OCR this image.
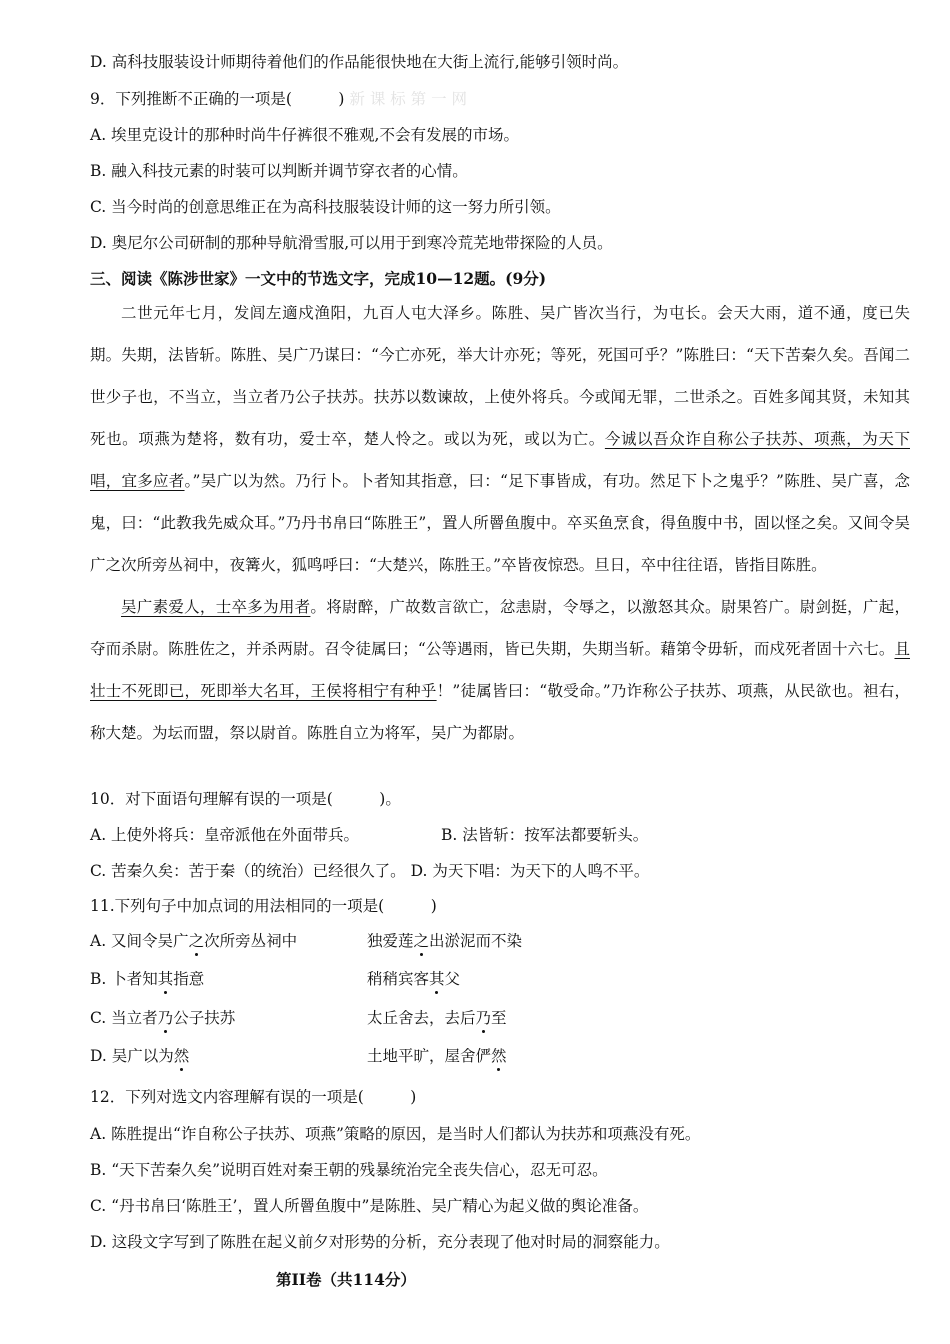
D. 高科技服装设计师期待着他们的作品能很快地在大街上流行,能够引领时尚。
9．下列推断不正确的一项是(　　　) 新 课 标 第 一 网
A. 埃里克设计的那种时尚牛仔裤很不雅观,不会有发展的市场。
B. 融入科技元素的时装可以判断并调节穿衣者的心情。
C. 当今时尚的创意思维正在为高科技服装设计师的这一努力所引领。
D. 奥尼尔公司研制的那种导航滑雪服,可以用于到寒冷荒芜地带探险的人员。
三、阅读《陈涉世家》一文中的节选文字，完成10—12题。(9分)

二世元年七月，发闾左適戍渔阳，九百人屯大泽乡。陈胜、吴广皆次当行，为屯长。会天大雨，道不通，度已失期。失期，法皆斩。陈胜、吴广乃谋曰：“今亡亦死，举大计亦死；等死，死国可乎？”陈胜曰：“天下苦秦久矣。吾闻二世少子也，不当立，当立者乃公子扶苏。扶苏以数谏故，上使外将兵。今或闻无罪，二世杀之。百姓多闻其贤，未知其死也。项燕为楚将，数有功，爱士卒，楚人怜之。或以为死，或以为亡。今诚以吾众诈自称公子扶苏、项燕，为天下唱，宜多应者。”吴广以为然。乃行卜。卜者知其指意，曰：“足下事皆成，有功。然足下卜之鬼乎？”陈胜、吴广喜，念鬼，曰：“此教我先威众耳。”乃丹书帛曰“陈胜王”，置人所罾鱼腹中。卒买鱼烹食，得鱼腹中书，固以怪之矣。又间令吴广之次所旁丛祠中，夜篝火，狐鸣呼曰：“大楚兴，陈胜王。”卒皆夜惊恐。旦日，卒中往往语，皆指目陈胜。

吴广素爱人，士卒多为用者。将尉醉，广故数言欲亡，忿恚尉，令辱之，以激怒其众。尉果笞广。尉剑挺，广起，夺而杀尉。陈胜佐之，并杀两尉。召令徒属曰；“公等遇雨，皆已失期，失期当斩。藉第令毋斩，而戍死者固十六七。且壮士不死即已，死即举大名耳，王侯将相宁有种乎！”徒属皆曰：“敬受命。”乃诈称公子扶苏、项燕，从民欲也。袒右，称大楚。为坛而盟，祭以尉首。陈胜自立为将军，吴广为都尉。

10．对下面语句理解有误的一项是(　　　)。
A. 上使外将兵：皇帝派他在外面带兵。	B. 法皆斩：按军法都要斩头。
C. 苦秦久矣：苦于秦（的统治）已经很久了。 D. 为天下唱：为天下的人鸣不平。
11.下列句子中加点词的用法相同的一项是(　　　)
A. 又间令吴广之次所旁丛祠中	独爱莲之出淤泥而不染
B. 卜者知其指意	稍稍宾客其父
C. 当立者乃公子扶苏	太丘舍去，去后乃至
D. 吴广以为然	土地平旷，屋舍俨然
12．下列对选文内容理解有误的一项是(　　　)
A. 陈胜提出“诈自称公子扶苏、项燕”策略的原因，是当时人们都认为扶苏和项燕没有死。
B. “天下苦秦久矣”说明百姓对秦王朝的残暴统治完全丧失信心，忍无可忍。
C. “丹书帛曰‘陈胜王’，置人所罾鱼腹中”是陈胜、吴广精心为起义做的舆论准备。
D. 这段文字写到了陈胜在起义前夕对形势的分析，充分表现了他对时局的洞察能力。
第II卷（共114分）
